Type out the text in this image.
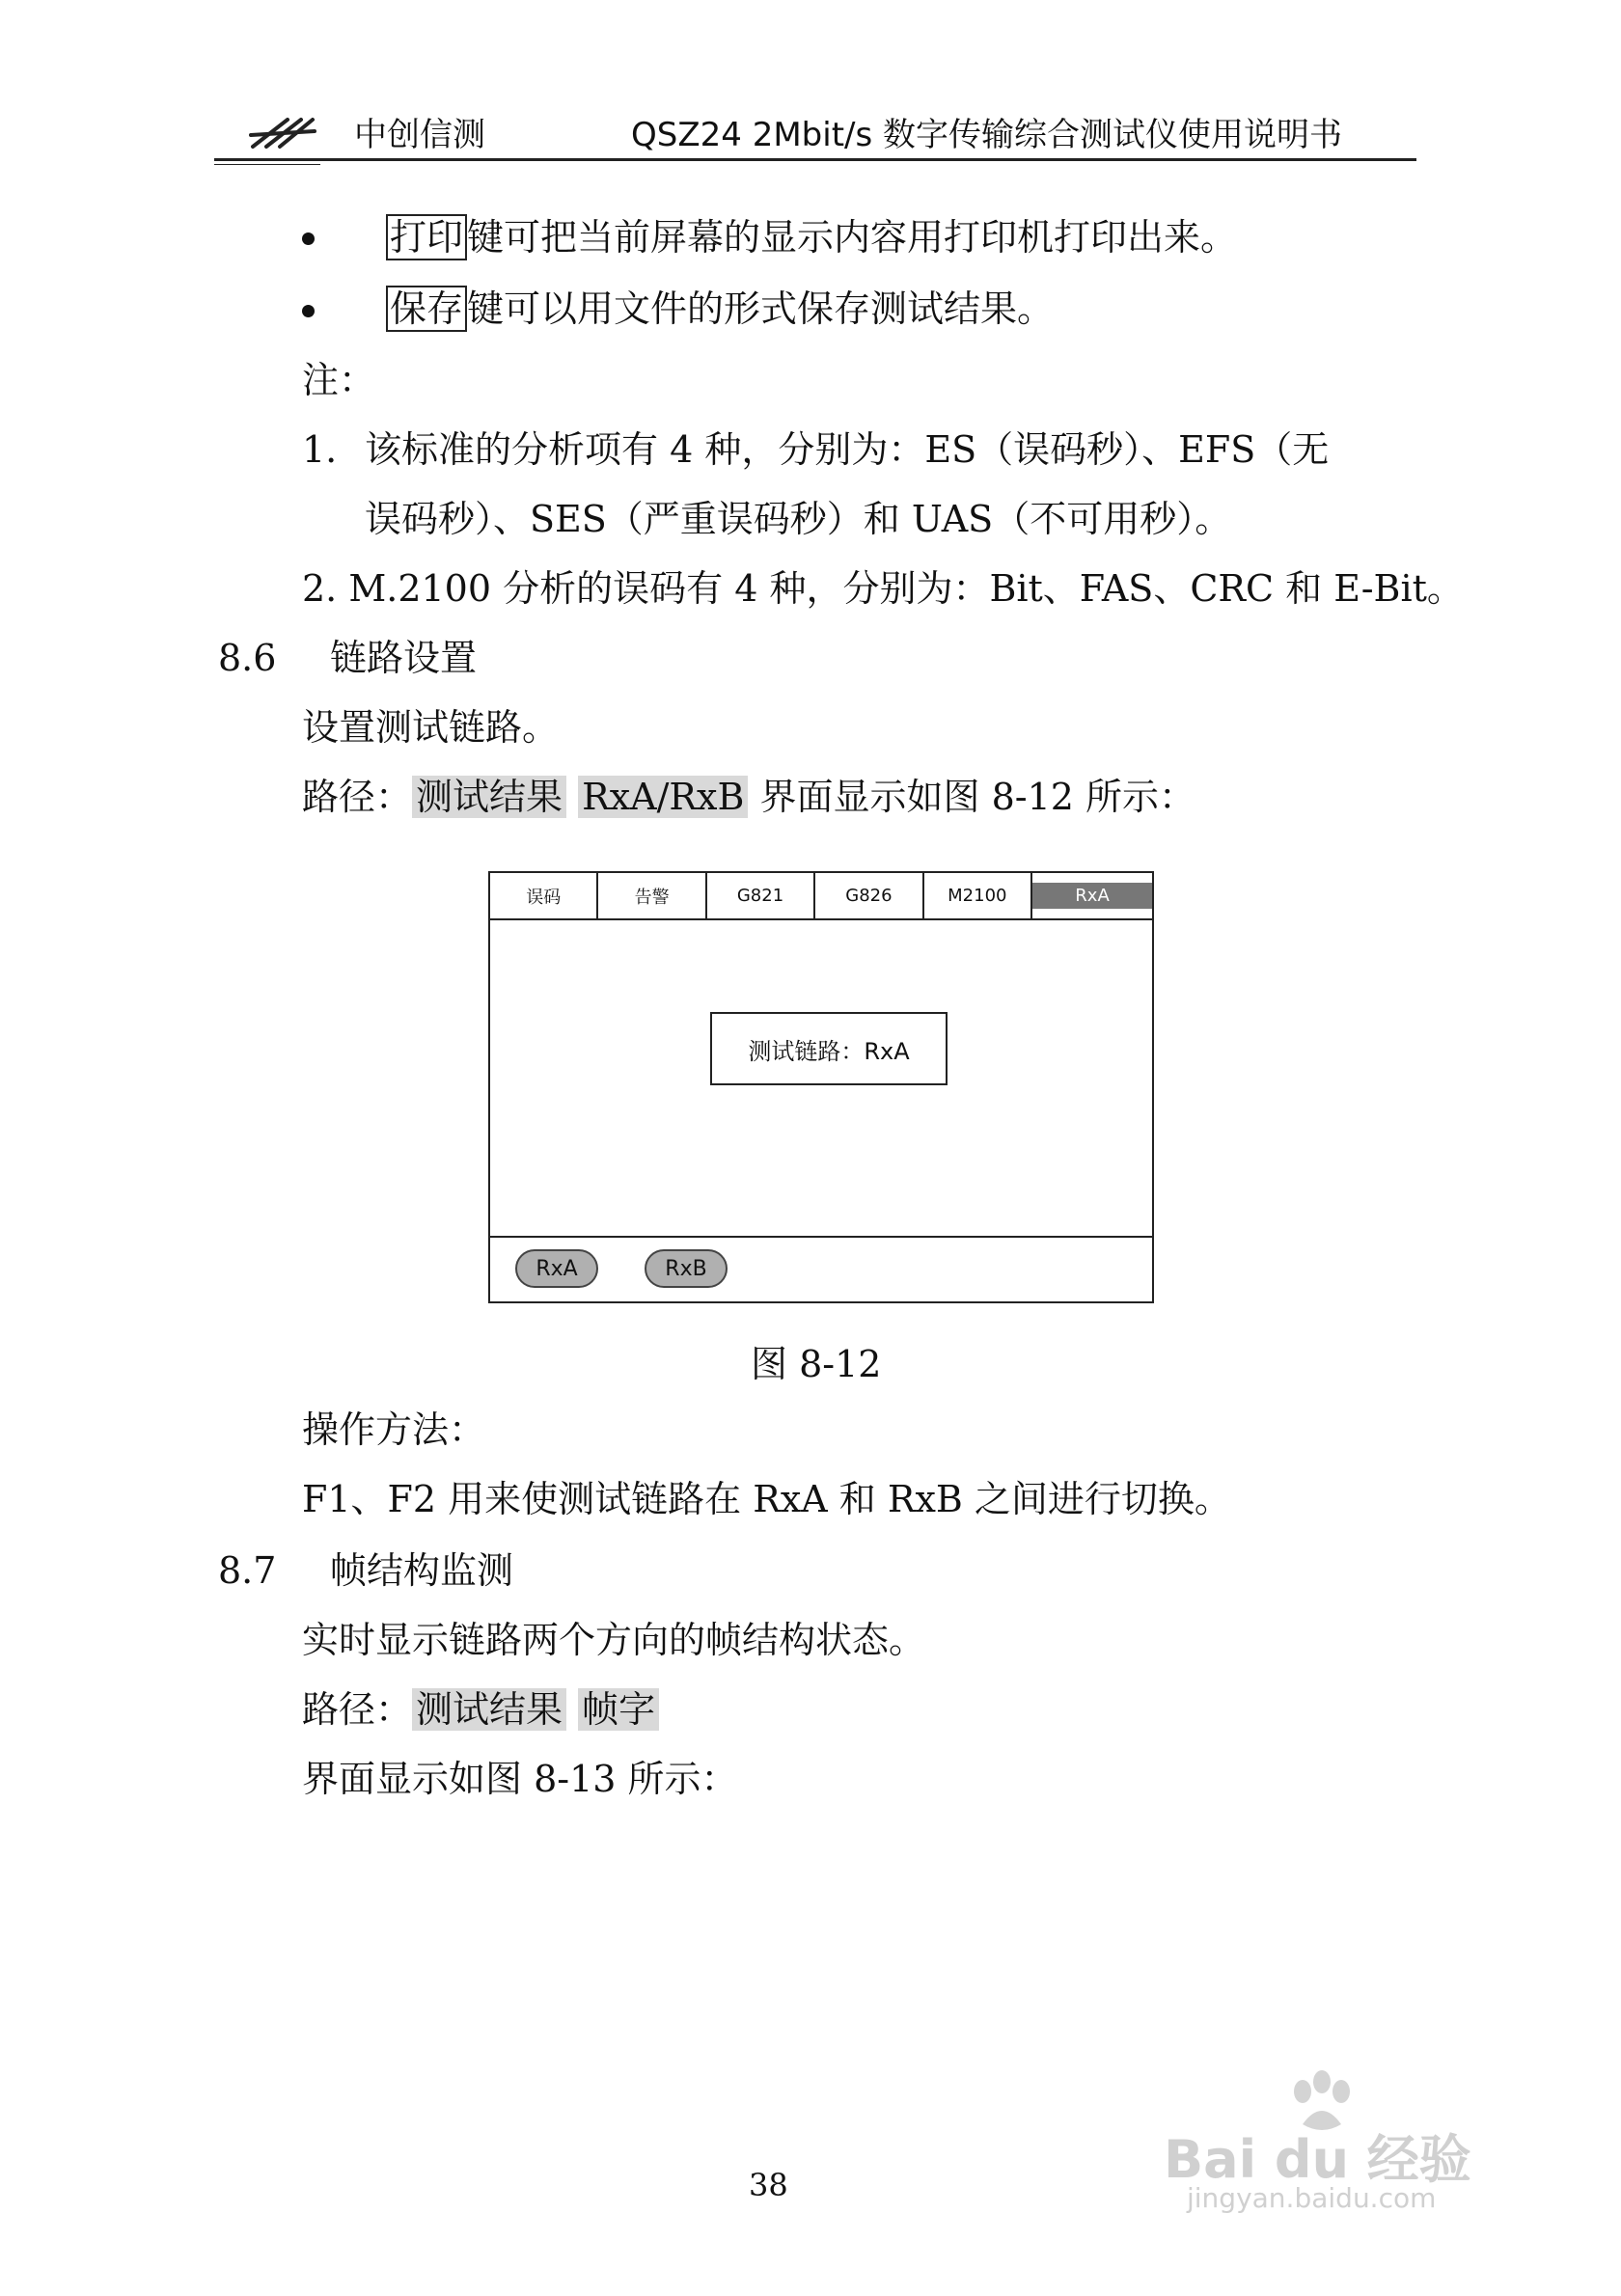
中创信测	QSZ24 2Mbit/s 数字传输综合测试仪使用说明书
打印 键可把当前屏幕的显示内容用打印机打印出来。
保存 键可以用文件的形式保存测试结果。
注：
1. 该标准的分析项有 4 种，分别为：ES（误码秒）、EFS（无
误码秒）、SES（严重误码秒）和 UAS（不可用秒）。
2. M.2100 分析的误码有 4 种，分别为：Bit、FAS、CRC 和 E-Bit。
8.6 链路设置
设置测试链路。
路径： 测试结果 RxA/RxB 界面显示如图 8-12 所示：
误码	告警	G821	G826	M2100	RxA
测试链路：RxA
RxA	RxB
图 8-12
操作方法：
F1、F2 用来使测试链路在 RxA 和 RxB 之间进行切换。
8.7 帧结构监测
实时显示链路两个方向的帧结构状态。
路径： 测试结果 帧字
界面显示如图 8-13 所示：
38	Bai du 经验
jingyan.baidu.com
